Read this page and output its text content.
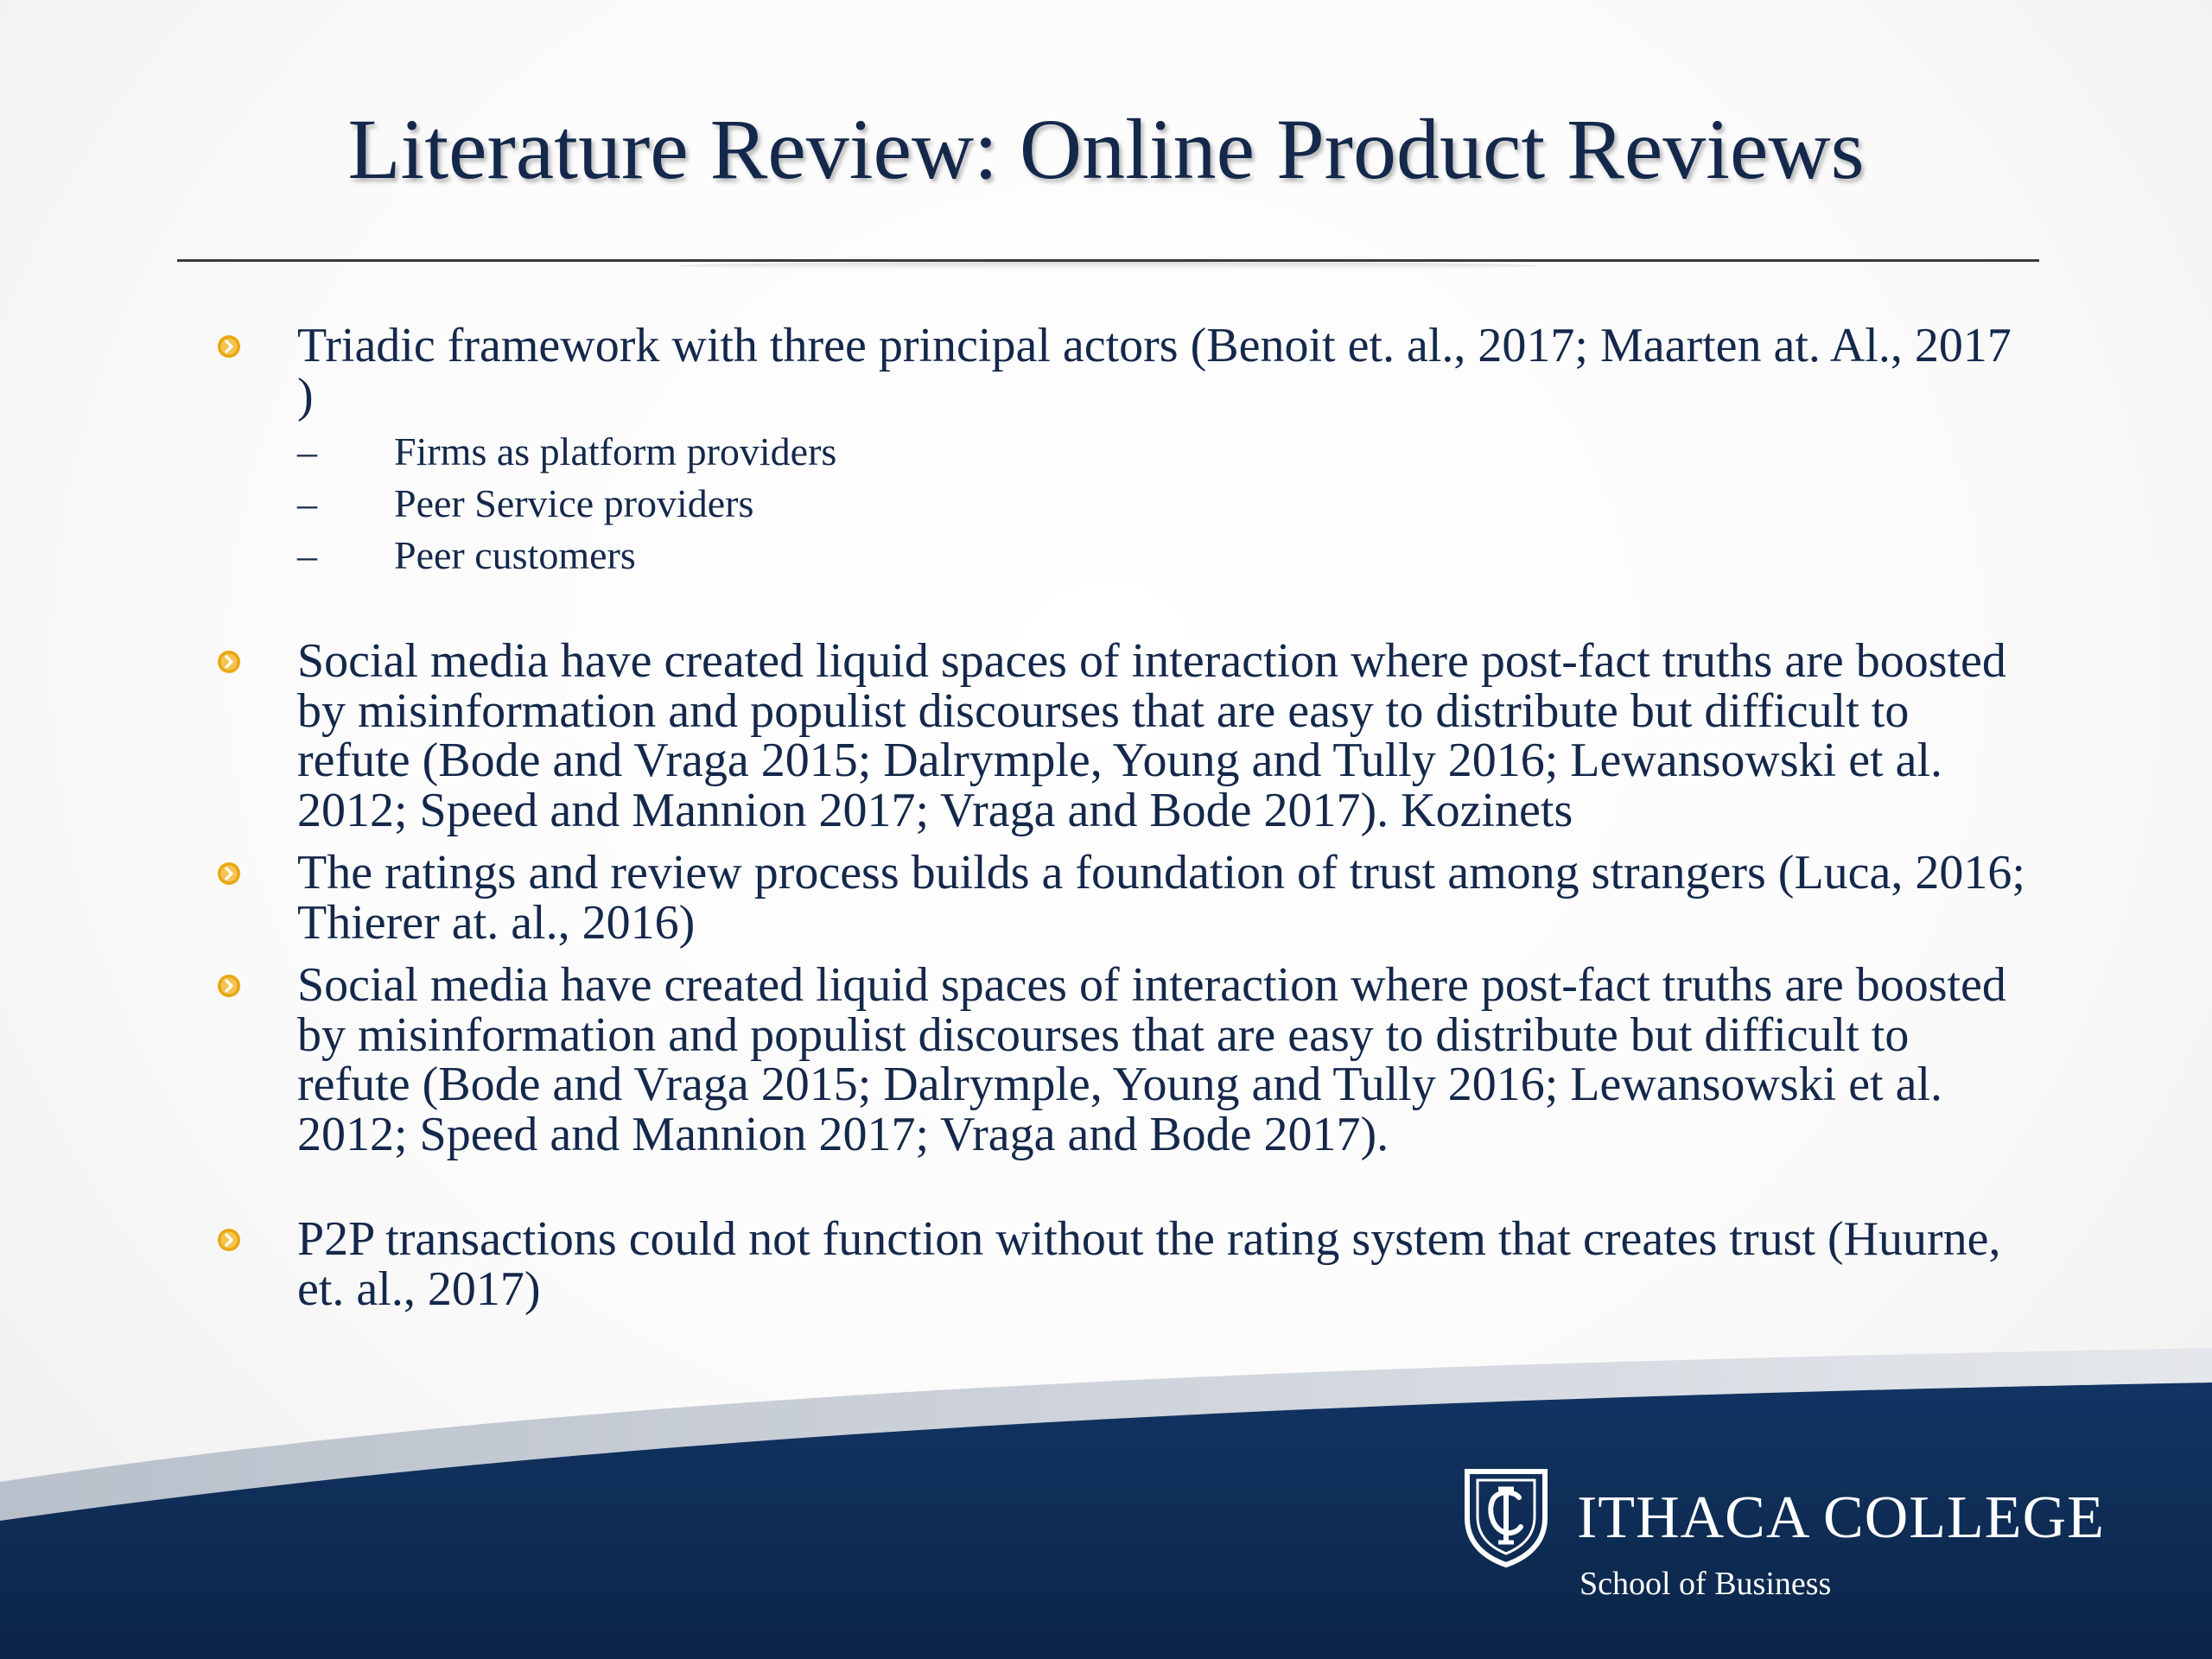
Literature Review: Online Product Reviews
Triadic framework with three principal actors (Benoit et. al., 2017; Maarten at. Al., 2017 )
– Firms as platform providers
– Peer Service providers
– Peer customers
Social media have created liquid spaces of interaction where post-fact truths are boosted by misinformation and populist discourses that are easy to distribute but difficult to refute (Bode and Vraga 2015; Dalrymple, Young and Tully 2016; Lewansowski et al. 2012; Speed and Mannion 2017; Vraga and Bode 2017). Kozinets
The ratings and review process builds a foundation of trust among strangers (Luca, 2016; Thierer at. al., 2016)
Social media have created liquid spaces of interaction where post-fact truths are boosted by misinformation and populist discourses that are easy to distribute but difficult to refute (Bode and Vraga 2015; Dalrymple, Young and Tully 2016; Lewansowski et al. 2012; Speed and Mannion 2017; Vraga and Bode 2017).
P2P transactions could not function without the rating system that creates trust (Huurne, et. al., 2017)
ITHACA COLLEGE
School of Business
